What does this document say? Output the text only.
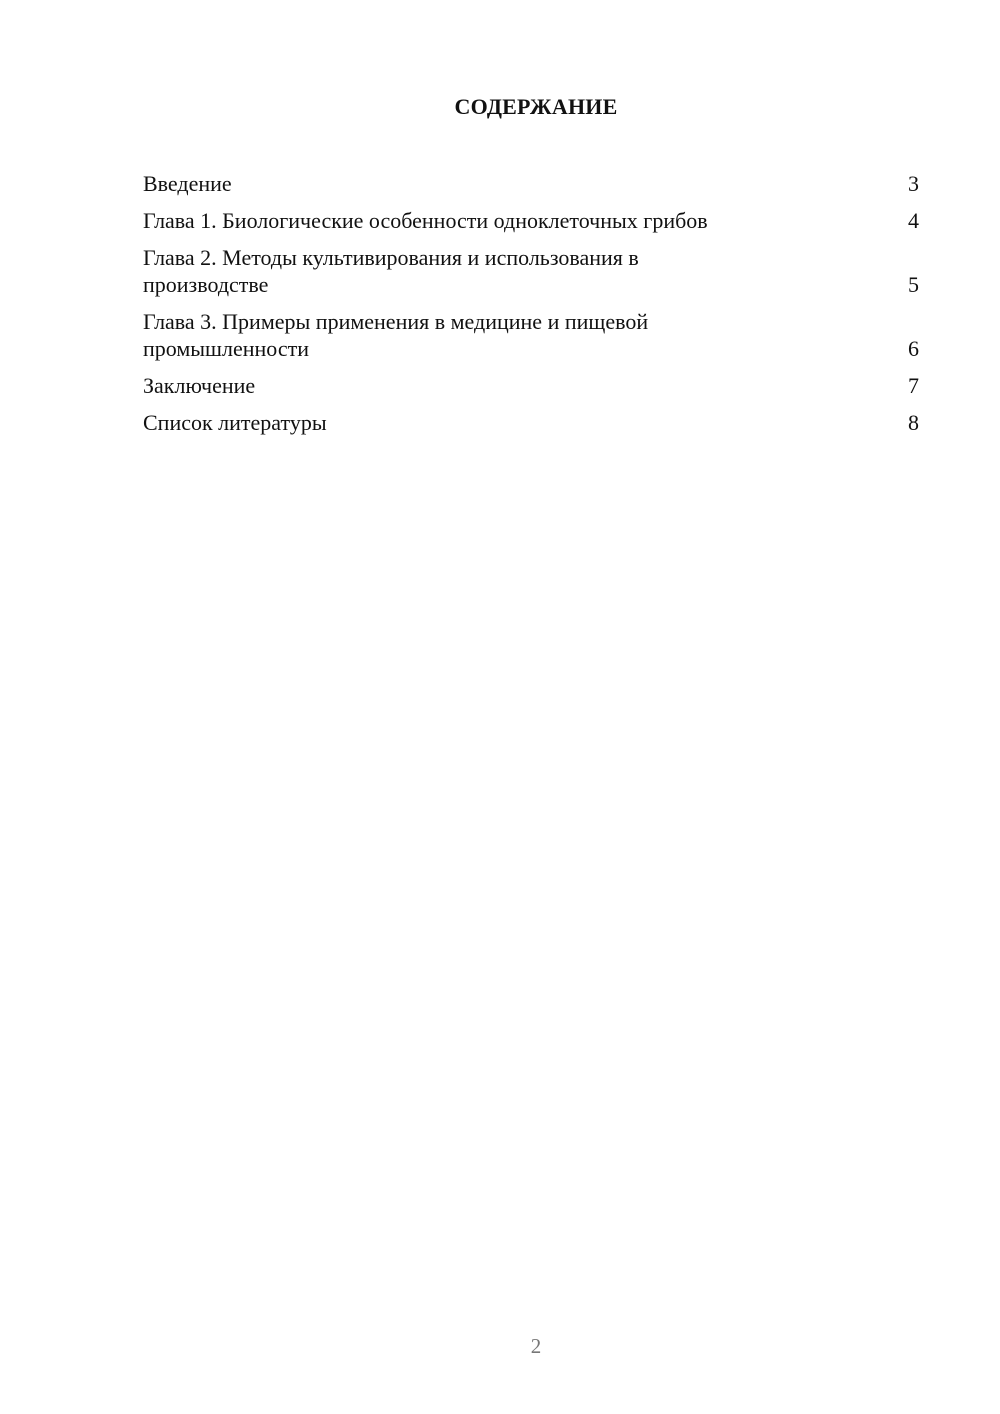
СОДЕРЖАНИЕ
Введение	3
Глава 1. Биологические особенности одноклеточных грибов	4
Глава 2. Методы культивирования и использования в производстве	5
Глава 3. Примеры применения в медицине и пищевой промышленности	6
Заключение	7
Список литературы	8
2
